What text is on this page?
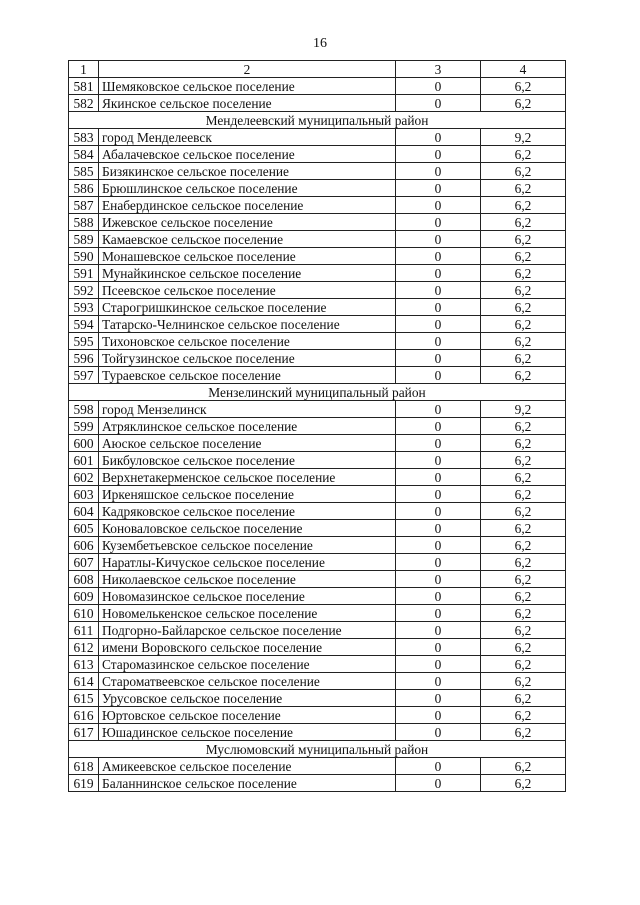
16
1	2	3	4
581	Шемяковское сельское поселение	0	6,2
582	Якинское сельское поселение	0	6,2
Менделеевский муниципальный район			
583	город Менделеевск	0	9,2
584	Абалачевское сельское поселение	0	6,2
585	Бизякинское сельское поселение	0	6,2
586	Брюшлинское сельское поселение	0	6,2
587	Енабердинское сельское поселение	0	6,2
588	Ижевское сельское поселение	0	6,2
589	Камаевское сельское поселение	0	6,2
590	Монашевское сельское поселение	0	6,2
591	Мунайкинское сельское поселение	0	6,2
592	Псеевское сельское поселение	0	6,2
593	Старогришкинское сельское поселение	0	6,2
594	Татарско-Челнинское сельское поселение	0	6,2
595	Тихоновское сельское поселение	0	6,2
596	Тойгузинское сельское поселение	0	6,2
597	Тураевское сельское поселение	0	6,2
Мензелинский муниципальный район			
598	город Мензелинск	0	9,2
599	Атряклинское сельское поселение	0	6,2
600	Аюское сельское поселение	0	6,2
601	Бикбуловское сельское поселение	0	6,2
602	Верхнетакерменское сельское поселение	0	6,2
603	Иркеняшское сельское поселение	0	6,2
604	Кадряковское сельское поселение	0	6,2
605	Коноваловское сельское поселение	0	6,2
606	Кузембетьевское сельское поселение	0	6,2
607	Наратлы-Кичуское сельское поселение	0	6,2
608	Николаевское сельское поселение	0	6,2
609	Новомазинское сельское поселение	0	6,2
610	Новомелькенское сельское поселение	0	6,2
611	Подгорно-Байларское сельское поселение	0	6,2
612	имени Воровского сельское поселение	0	6,2
613	Старомазинское сельское поселение	0	6,2
614	Староматвеевское сельское поселение	0	6,2
615	Урусовское сельское поселение	0	6,2
616	Юртовское сельское поселение	0	6,2
617	Юшадинское сельское поселение	0	6,2
Муслюмовский муниципальный район			
618	Амикеевское сельское поселение	0	6,2
619	Баланнинское сельское поселение	0	6,2
